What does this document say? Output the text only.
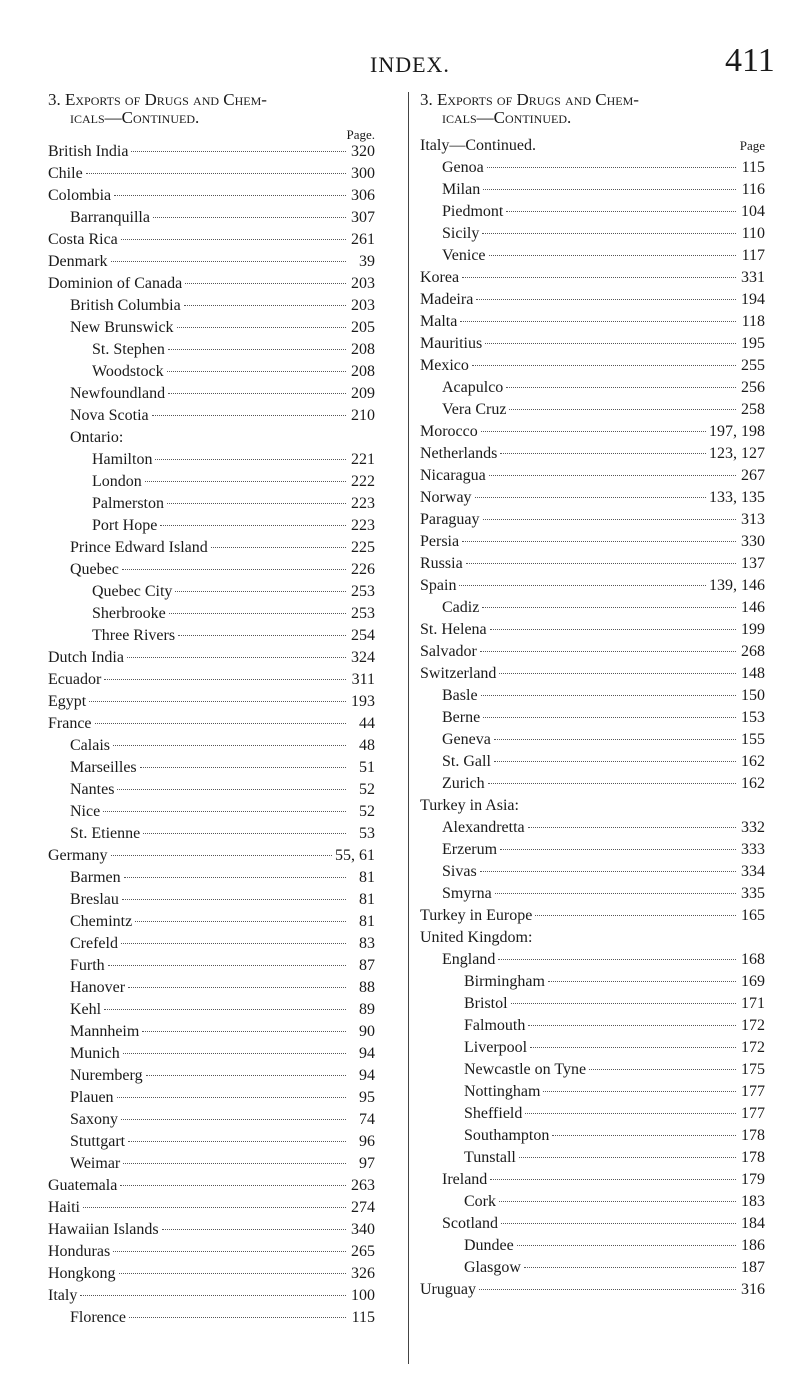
INDEX.	411
3. Exports of Drugs and Chem-
icals—Continued.
Page.
British India	320
Chile	300
Colombia	306
Barranquilla	307
Costa Rica	261
Denmark	39
Dominion of Canada	203
British Columbia	203
New Brunswick	205
St. Stephen	208
Woodstock	208
Newfoundland	209
Nova Scotia	210
Ontario:
Hamilton	221
London	222
Palmerston	223
Port Hope	223
Prince Edward Island	225
Quebec	226
Quebec City	253
Sherbrooke	253
Three Rivers	254
Dutch India	324
Ecuador	311
Egypt	193
France	44
Calais	48
Marseilles	51
Nantes	52
Nice	52
St. Etienne	53
Germany	55, 61
Barmen	81
Breslau	81
Chemintz	81
Crefeld	83
Furth	87
Hanover	88
Kehl	89
Mannheim	90
Munich	94
Nuremberg	94
Plauen	95
Saxony	74
Stuttgart	96
Weimar	97
Guatemala	263
Haiti	274
Hawaiian Islands	340
Honduras	265
Hongkong	326
Italy	100
Florence	115
3. Exports of Drugs and Chem-
icals—Continued.
Italy—Continued.	Page
Genoa	115
Milan	116
Piedmont	104
Sicily	110
Venice	117
Korea	331
Madeira	194
Malta	118
Mauritius	195
Mexico	255
Acapulco	256
Vera Cruz	258
Morocco	197, 198
Netherlands	123, 127
Nicaragua	267
Norway	133, 135
Paraguay	313
Persia	330
Russia	137
Spain	139, 146
Cadiz	146
St. Helena	199
Salvador	268
Switzerland	148
Basle	150
Berne	153
Geneva	155
St. Gall	162
Zurich	162
Turkey in Asia:
Alexandretta	332
Erzerum	333
Sivas	334
Smyrna	335
Turkey in Europe	165
United Kingdom:
England	168
Birmingham	169
Bristol	171
Falmouth	172
Liverpool	172
Newcastle on Tyne	175
Nottingham	177
Sheffield	177
Southampton	178
Tunstall	178
Ireland	179
Cork	183
Scotland	184
Dundee	186
Glasgow	187
Uruguay	316
